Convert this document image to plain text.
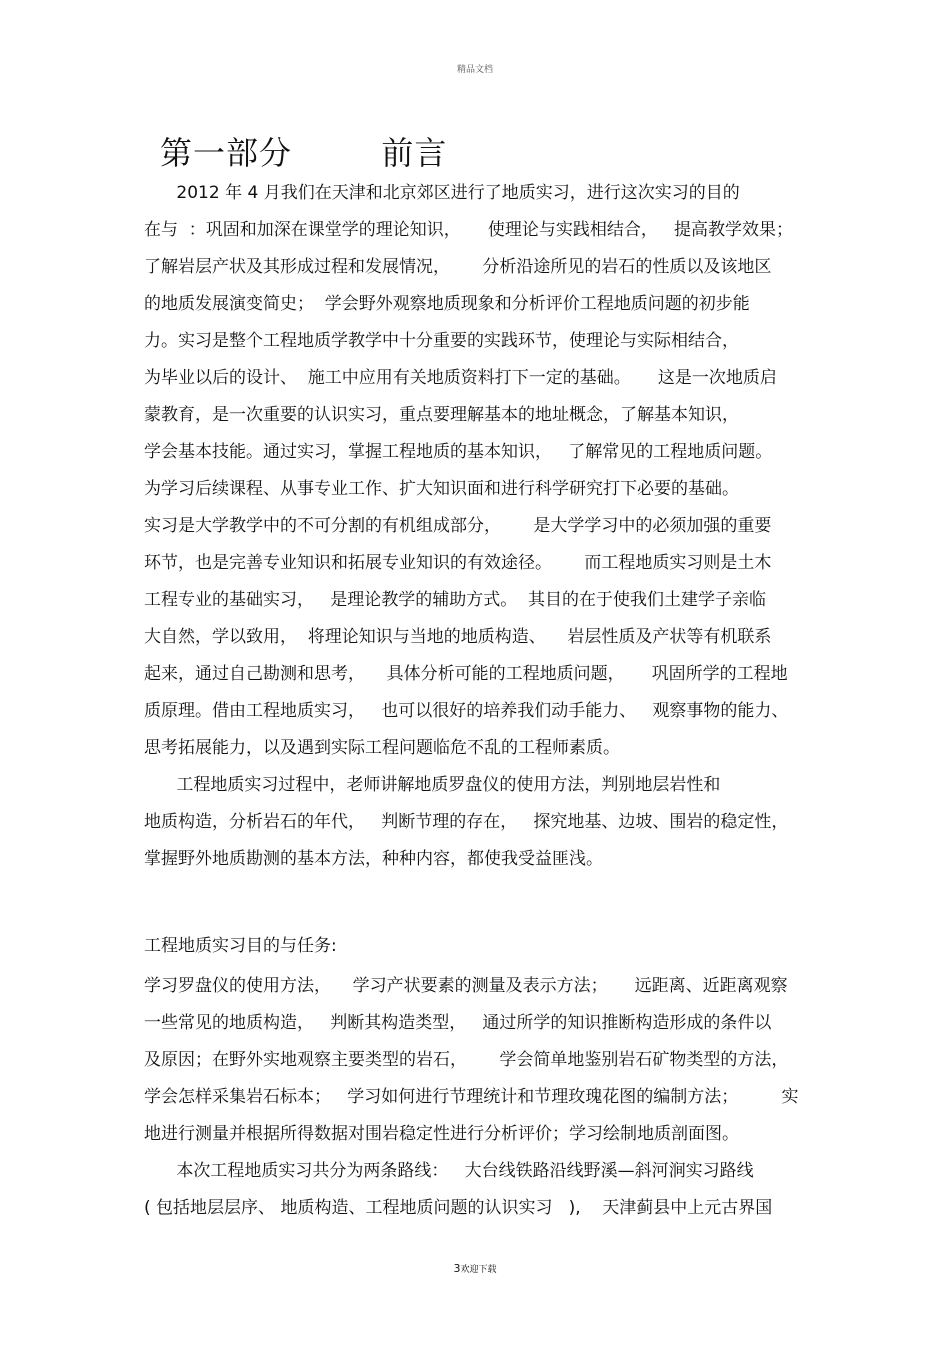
精品文档
第一部分        前言
2012 年 4 月我们在天津和北京郊区进行了地质实习，进行这次实习的目的
在与  ：巩固和加深在课堂学的理论知识，     使理论与实践相结合，   提高教学效果；
了解岩层产状及其形成过程和发展情况，      分析沿途所见的岩石的性质以及该地区
的地质发展演变简史；  学会野外观察地质现象和分析评价工程地质问题的初步能
力。实习是整个工程地质学教学中十分重要的实践环节，使理论与实际相结合，
为毕业以后的设计、  施工中应用有关地质资料打下一定的基础。     这是一次地质启
蒙教育，是一次重要的认识实习，重点要理解基本的地址概念，了解基本知识，
学会基本技能。通过实习，掌握工程地质的基本知识，   了解常见的工程地质问题。
为学习后续课程、从事专业工作、扩大知识面和进行科学研究打下必要的基础。
实习是大学教学中的不可分割的有机组成部分，      是大学学习中的必须加强的重要
环节，也是完善专业知识和拓展专业知识的有效途径。      而工程地质实习则是土木
工程专业的基础实习，   是理论教学的辅助方式。  其目的在于使我们土建学子亲临
大自然，学以致用，  将理论知识与当地的地质构造、    岩层性质及产状等有机联系
起来，通过自己勘测和思考，    具体分析可能的工程地质问题，     巩固所学的工程地
质原理。借由工程地质实习，   也可以很好的培养我们动手能力、   观察事物的能力、
思考拓展能力，以及遇到实际工程问题临危不乱的工程师素质。
工程地质实习过程中，老师讲解地质罗盘仪的使用方法，判别地层岩性和
地质构造，分析岩石的年代，   判断节理的存在，   探究地基、边坡、围岩的稳定性，
掌握野外地质勘测的基本方法，种种内容，都使我受益匪浅。
工程地质实习目的与任务:
学习罗盘仪的使用方法，    学习产状要素的测量及表示方法；     远距离、近距离观察
一些常见的地质构造，   判断其构造类型，   通过所学的知识推断构造形成的条件以
及原因；在野外实地观察主要类型的岩石，      学会简单地鉴别岩石矿物类型的方法，
学会怎样采集岩石标本；   学习如何进行节理统计和节理玫瑰花图的编制方法；        实
地进行测量并根据所得数据对围岩稳定性进行分析评价；学习绘制地质剖面图。
本次工程地质实习共分为两条路线：   大台线铁路沿线野溪—斜河涧实习路线
( 包括地层层序、 地质构造、工程地质问题的认识实习   ),    天津蓟县中上元古界国
3欢迎下载
